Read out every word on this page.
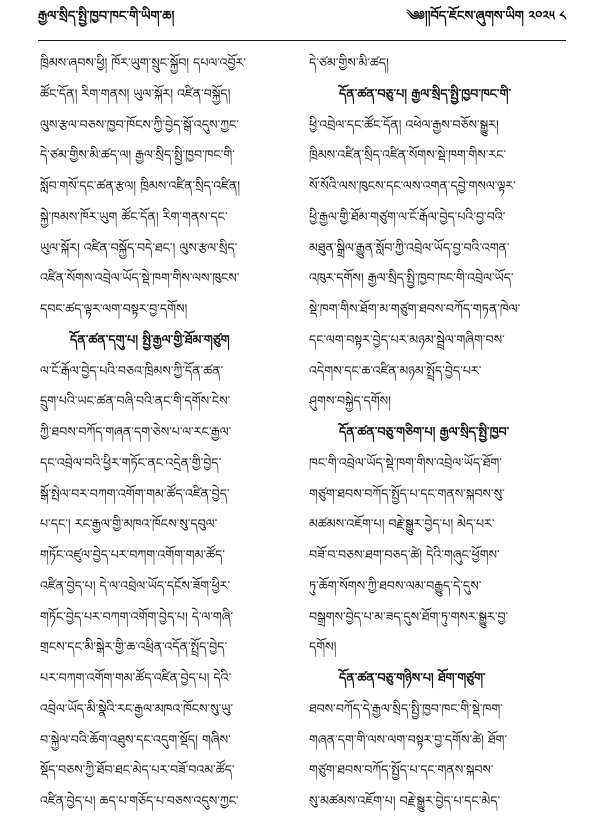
རྒྱལ་སྲིད་སྤྱི་ཁྱབ་ཁང་གི་ཡིག་ཆ།	༄༅།།བོད་ཇོངས་ཞུགས་ཡིག ༢༠༢༥ ༨
ཁྲིམས་ཞབས་ཕྱི། ཁོར་ཡུག་སྲུང་སྐྱོབ། དཔལ་འབྱོར་
ཚོང་དོན། རིག་གནས། ཡུལ་སྐོར། འཛིན་བསྐྱོད།
ལུས་རྩལ་བཅས་ཁྱབ་ཁོངས་ཀྱི་བྱེད་སྒོ་འདུས་ཀྱང་
དེ་ཙམ་གྱིས་མི་ཚད་ལ། རྒྱལ་སྲིད་སྤྱི་ཁྱབ་ཁང་གི་
སློབ་གསོ་དང་ཚན་རྩལ། ཁྲིམས་འཛིན་སྲིད་འཛིན།
སྐྱེ་ཁམས་ཁོར་ཡུག ཚོང་དོན། རིག་གནས་དང་
ཡུལ་སྐོར། འཛིན་བསྐྱོད་བདེ་ཐང་། ལུས་རྩལ་སྲིད་
འཛིན་སོགས་འབྲེལ་ཡོད་སྡེ་ཁག་གིས་ལས་ཁུངས་
དབང་ཚད་ལྟར་ལག་བསྟར་བྱ་དགོས།
དོན་ཚན་དགུ་པ། སྤྱི་རྒྱལ་གྱི་ཐོམ་གཙུག
ལ་ངོ་རྒོལ་བྱེད་པའི་བཅའ་ཁྲིམས་ཀྱི་དོན་ཚན་
དྲུག་པའི་ཡང་ཚན་བཞི་བའི་ནང་གི་དགོས་ངེས་
ཀྱི་ཐབས་བཀོད་གཞན་དག་ཅེས་པ་ལ་རང་རྒྱལ་
དང་འབྲེལ་བའི་ཕྱིར་གཏོང་ནང་འདྲེན་གྱི་བྱེད་
སྒོ་སྤེལ་བར་བཀག་འགོག་གམ་ཚོད་འཛིན་བྱེད་
པ་དང་། རང་རྒྱལ་གྱི་མཁའ་ཁོངས་སུ་དབུལ་
གཏོང་འཛུལ་བྱེད་པར་བཀག་འགོག་གམ་ཚོད་
འཛིན་བྱེད་པ། དེ་ལ་འབྲེལ་ཡོད་དངོས་ཟོག་ཕྱིར་
གཏོང་བྱེད་པར་བཀག་འགོག་བྱེད་པ། དེ་ལ་གཞི་
གྲངས་དང་མི་སྒེར་གྱི་ཆ་འཕྲིན་འདོན་སྤྲོད་བྱེད་
པར་བཀག་འགོག་གམ་ཚོད་འཛིན་བྱེད་པ། དེའི་
འབྲེལ་ཡོད་མི་སྣེའི་རང་རྒྱལ་མཁའ་ཁོངས་སུ་ཡུ་
བ་སྐྱེལ་བའི་ཆོག་འཐུས་དང་འདུག་སྡོད། གཞིས་
སྡོད་བཅས་ཀྱི་ཐོབ་ཐང་མེད་པར་བཟོ་བའམ་ཚོད་
འཛིན་བྱེད་པ། ཆད་པ་གཅོད་པ་བཅས་འདུས་ཀྱང་
དེ་ཙམ་གྱིས་མི་ཚད།
དོན་ཚན་བཅུ་པ། རྒྱལ་སྲིད་སྤྱི་ཁྱབ་ཁང་གི་
ཕྱི་འབྲེལ་དང་ཚོང་དོན། འཕེལ་རྒྱས་བཅོས་སྒྱུར།
ཁྲིམས་འཛིན་སྲིད་འཛིན་སོགས་སྡེ་ཁག་གིས་རང་
སོ་སོའི་ལས་ཁུངས་དང་ལས་འགན་དབྱེ་གསལ་ལྟར་
ཕྱི་རྒྱལ་གྱི་ཐོམ་གཙུག་ལ་ངོ་རྒོལ་བྱེད་པའི་བྱ་བའི་
མཐུན་སྒྲིལ་རྒྱུན་སློབ་ཀྱི་འབྲེལ་ཡོད་བྱ་བའི་འགན་
འཁུར་དགོས། རྒྱལ་སྲིད་སྤྱི་ཁྱབ་ཁང་གི་འབྲེལ་ཡོད་
སྡེ་ཁག་གིས་ཐོག་མ་གཙུག་ཐབས་བཀོད་གཏན་ཁེལ་
དང་ལག་བསྟར་བྱེད་པར་མཉམ་སྦྲེལ་གཞིག་བས་
འདེགས་དང་ཆ་འཛིན་མཉམ་སྤྲོད་བྱེད་པར་
ཤུགས་བསྐྱེད་དགོས།
དོན་ཚན་བཅུ་གཅིག་པ། རྒྱལ་སྲིད་སྤྱི་ཁྱབ་
ཁང་གི་འབྲེལ་ཡོད་སྡེ་ཁག་གིས་འབྲེལ་ཡོད་ཐོག་
གཙུག་ཐབས་བཀོད་སྤྱོད་པ་དང་གནས་སྐབས་སུ་
མཚམས་འཇོག་པ། བརྗེ་སྒྱུར་བྱེད་པ། མེད་པར་
བཟོ་བ་བཅས་ཐག་བཅད་ཚེ། དེའི་གཞུང་ཕྱོགས་
ཏུ་ཆོག་སོགས་ཀྱི་ཐབས་ལམ་བརྒྱུད་དེ་དུས་
བསྒྲགས་བྱེད་པ་མ་ཟད་དུས་ཐོག་ཏུ་གསར་སྒྱུར་བྱ་
དགོས།
དོན་ཚན་བཅུ་གཉིས་པ། ཐོག་གཙུག་
ཐབས་བཀོད་དེ་རྒྱལ་སྲིད་སྤྱི་ཁྱབ་ཁང་གི་སྡེ་ཁག་
གཞན་དག་གི་ལས་ལག་བསྟར་བྱ་དགོས་ཚེ། ཐོག་
གཙུག་ཐབས་བཀོད་སྤྱོད་པ་དང་གནས་སྐབས་
སུ་མཚམས་འཇོག་པ། བརྗེ་སྒྱུར་བྱེད་པ་དང་མེད་
